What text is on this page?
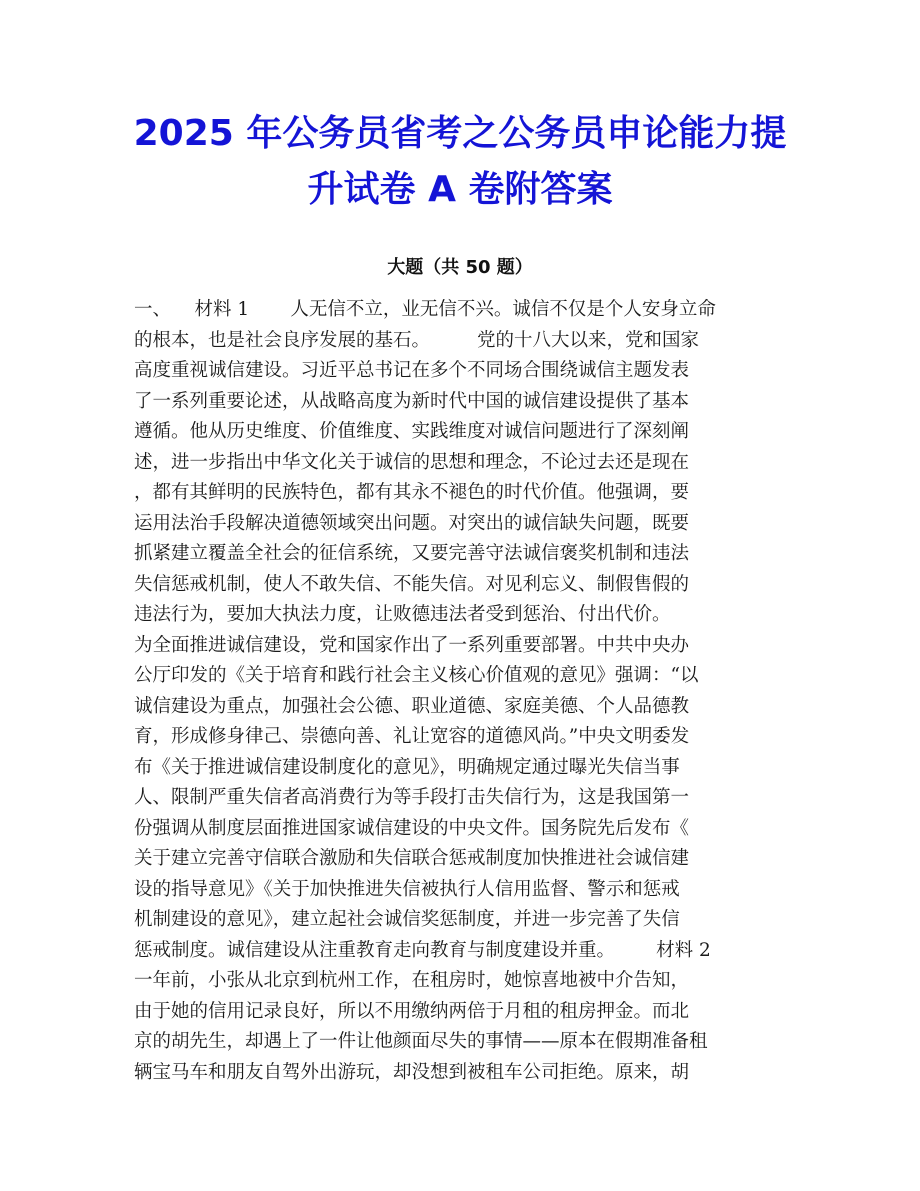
2025 年公务员省考之公务员申论能力提
升试卷 A 卷附答案
大题（共 50 题）
一、    材料 1       人无信不立，业无信不兴。诚信不仅是个人安身立命
的根本，也是社会良序发展的基石。        党的十八大以来，党和国家
高度重视诚信建设。习近平总书记在多个不同场合围绕诚信主题发表
了一系列重要论述，从战略高度为新时代中国的诚信建设提供了基本
遵循。他从历史维度、价值维度、实践维度对诚信问题进行了深刻阐
述，进一步指出中华文化关于诚信的思想和理念，不论过去还是现在
，都有其鲜明的民族特色，都有其永不褪色的时代价值。他强调，要
运用法治手段解决道德领域突出问题。对突出的诚信缺失问题，既要
抓紧建立覆盖全社会的征信系统，又要完善守法诚信褒奖机制和违法
失信惩戒机制，使人不敢失信、不能失信。对见利忘义、制假售假的
违法行为，要加大执法力度，让败德违法者受到惩治、付出代价。
为全面推进诚信建设，党和国家作出了一系列重要部署。中共中央办
公厅印发的《关于培育和践行社会主义核心价值观的意见》强调：“以
诚信建设为重点，加强社会公德、职业道德、家庭美德、个人品德教
育，形成修身律己、崇德向善、礼让宽容的道德风尚。”中央文明委发
布《关于推进诚信建设制度化的意见》，明确规定通过曝光失信当事
人、限制严重失信者高消费行为等手段打击失信行为，这是我国第一
份强调从制度层面推进国家诚信建设的中央文件。国务院先后发布《
关于建立完善守信联合激励和失信联合惩戒制度加快推进社会诚信建
设的指导意见》《关于加快推进失信被执行人信用监督、警示和惩戒
机制建设的意见》，建立起社会诚信奖惩制度，并进一步完善了失信
惩戒制度。诚信建设从注重教育走向教育与制度建设并重。       材料 2
一年前，小张从北京到杭州工作，在租房时，她惊喜地被中介告知，
由于她的信用记录良好，所以不用缴纳两倍于月租的租房押金。而北
京的胡先生，却遇上了一件让他颜面尽失的事情——原本在假期准备租
辆宝马车和朋友自驾外出游玩，却没想到被租车公司拒绝。原来，胡
